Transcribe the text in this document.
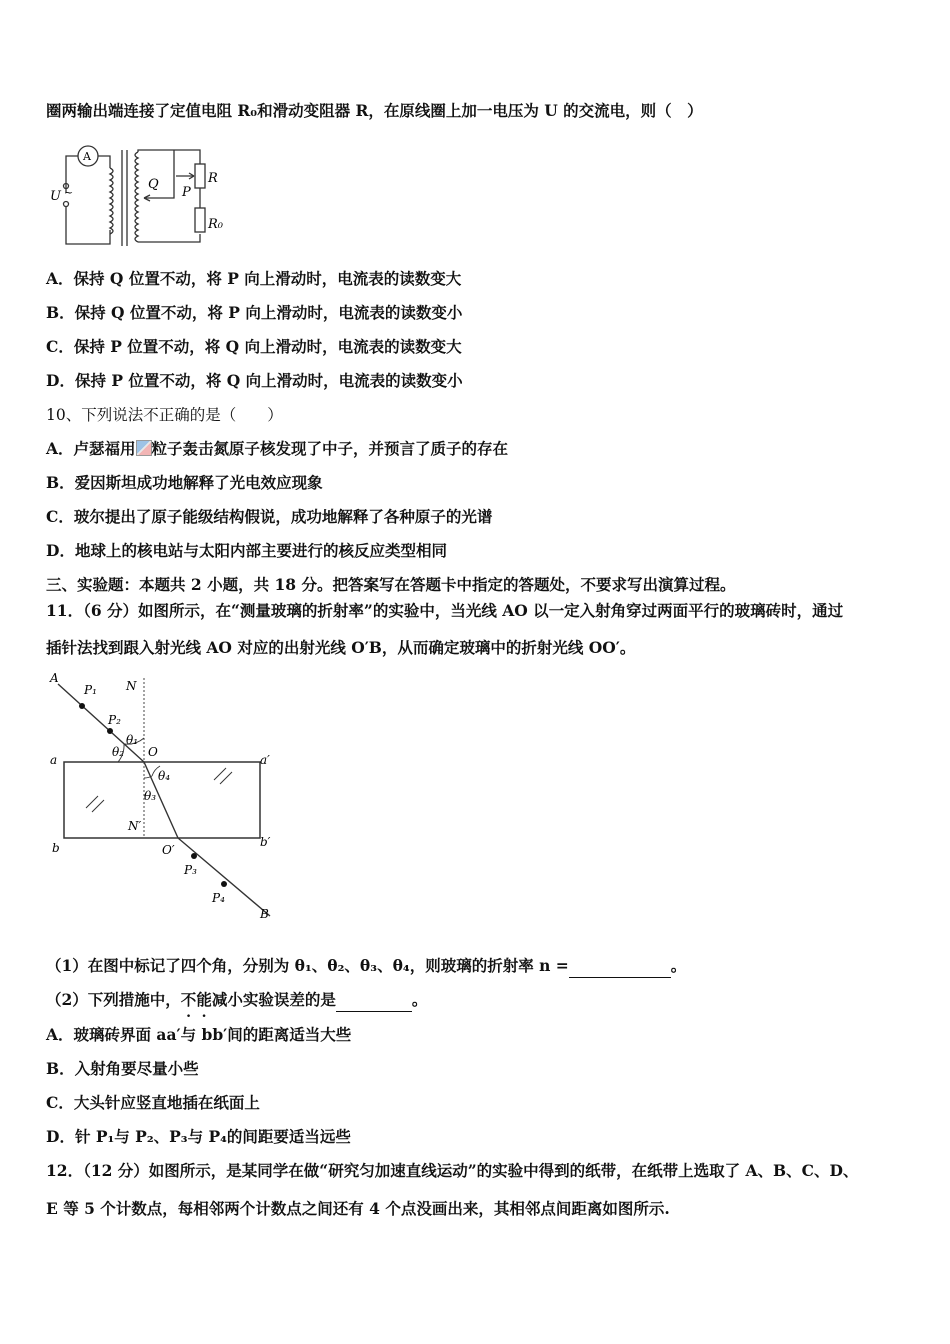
圈两输出端连接了定值电阻 R₀和滑动变阻器 R，在原线圈上加一电压为 U 的交流电，则（　）
A
U ~
Q
P
R
R₀
A．保持 Q 位置不动，将 P 向上滑动时，电流表的读数变大
B．保持 Q 位置不动，将 P 向上滑动时，电流表的读数变小
C．保持 P 位置不动，将 Q 向上滑动时，电流表的读数变大
D．保持 P 位置不动，将 Q 向上滑动时，电流表的读数变小
10、下列说法不正确的是（　　）
A．卢瑟福用 粒子轰击氮原子核发现了中子，并预言了质子的存在
B．爱因斯坦成功地解释了光电效应现象
C．玻尔提出了原子能级结构假说，成功地解释了各种原子的光谱
D．地球上的核电站与太阳内部主要进行的核反应类型相同
三、实验题：本题共 2 小题，共 18 分。把答案写在答题卡中指定的答题处，不要求写出演算过程。
11．（6 分）如图所示，在“测量玻璃的折射率”的实验中，当光线 AO 以一定入射角穿过两面平行的玻璃砖时，通过
插针法找到跟入射光线 AO 对应的出射光线 O′B，从而确定玻璃中的折射光线 OO′。
A
P₁ N
P₂
θ₁
θ₂ O
a	a′
θ₄
θ₃
N′
b	b′
O′
P₃
P₄
B
（1）在图中标记了四个角，分别为 θ₁、θ₂、θ₃、θ₄，则玻璃的折射率 n =	。
（2）下列措施中，不能减小实验误差的是	。
A．玻璃砖界面 aa′与 bb′间的距离适当大些
B．入射角要尽量小些
C．大头针应竖直地插在纸面上
D．针 P₁与 P₂、P₃与 P₄的间距要适当远些
12．（12 分）如图所示，是某同学在做“研究匀加速直线运动”的实验中得到的纸带，在纸带上选取了 A、B、C、D、
E 等 5 个计数点，每相邻两个计数点之间还有 4 个点没画出来，其相邻点间距离如图所示.
